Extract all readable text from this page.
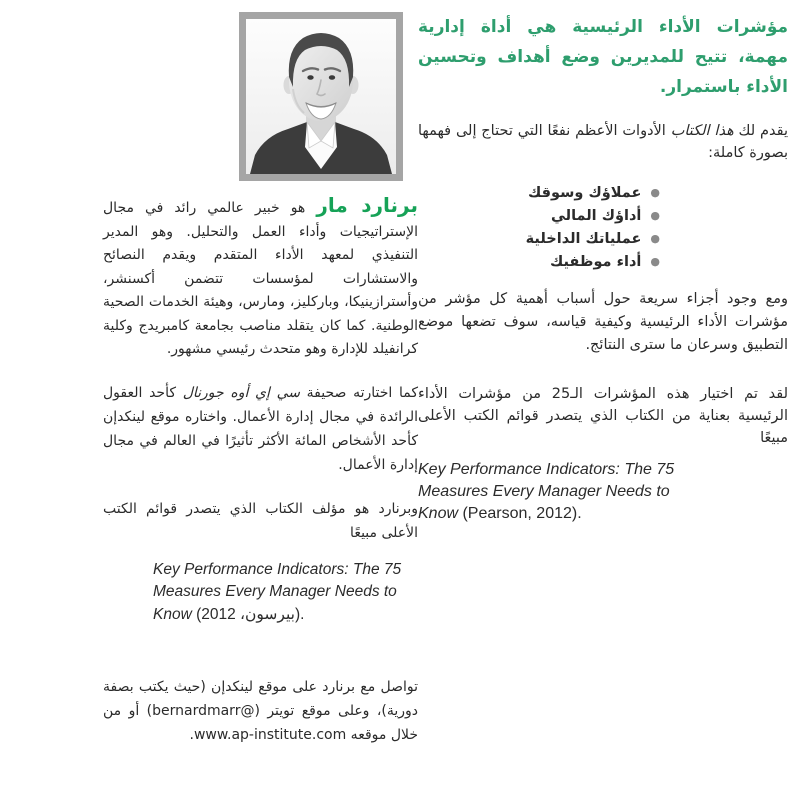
مؤشرات الأداء الرئيسية هي أداة إدارية مهمة، تتيح للمديرين وضع أهداف وتحسين الأداء باستمرار.

يقدم لك هذا الكتاب الأدوات الأعظم نفعًا التي تحتاج إلى فهمها بصورة كاملة:

●عملاؤك وسوقك
●أداؤك المالي
●عملياتك الداخلية
●أداء موظفيك

ومع وجود أجزاء سريعة حول أسباب أهمية كل مؤشر من مؤشرات الأداء الرئيسية وكيفية قياسه، سوف تضعها موضع التطبيق وسرعان ما سترى النتائج.

لقد تم اختيار هذه المؤشرات الـ25 من مؤشرات الأداء الرئيسية بعناية من الكتاب الذي يتصدر قوائم الكتب الأعلى مبيعًا

Key Performance Indicators: The 75
Measures Every Manager Needs to
Know (Pearson, 2012).

برنارد مار هو خبير عالمي رائد في مجال الإستراتيجيات وأداء العمل والتحليل. وهو المدير التنفيذي لمعهد الأداء المتقدم ويقدم النصائح والاستشارات لمؤسسات تتضمن أكسنشر، وأسترازينيكا، وباركليز، ومارس، وهيئة الخدمات الصحية الوطنية. كما كان يتقلد مناصب بجامعة كامبريدج وكلية كرانفيلد للإدارة وهو متحدث رئيسي مشهور.

كما اختارته صحيفة سي إي أوه جورنال كأحد العقول الرائدة في مجال إدارة الأعمال. واختاره موقع لينكدإن كأحد الأشخاص المائة الأكثر تأثيرًا في العالم في مجال إدارة الأعمال.

وبرنارد هو مؤلف الكتاب الذي يتصدر قوائم الكتب الأعلى مبيعًا

Key Performance Indicators: The 75
Measures Every Manager Needs to
Know (بيرسون، 2012).

تواصل مع برنارد على موقع لينكدإن (حيث يكتب بصفة دورية)، وعلى موقع تويتر (@bernardmarr) أو من خلال موقعه www.ap-institute.com.
